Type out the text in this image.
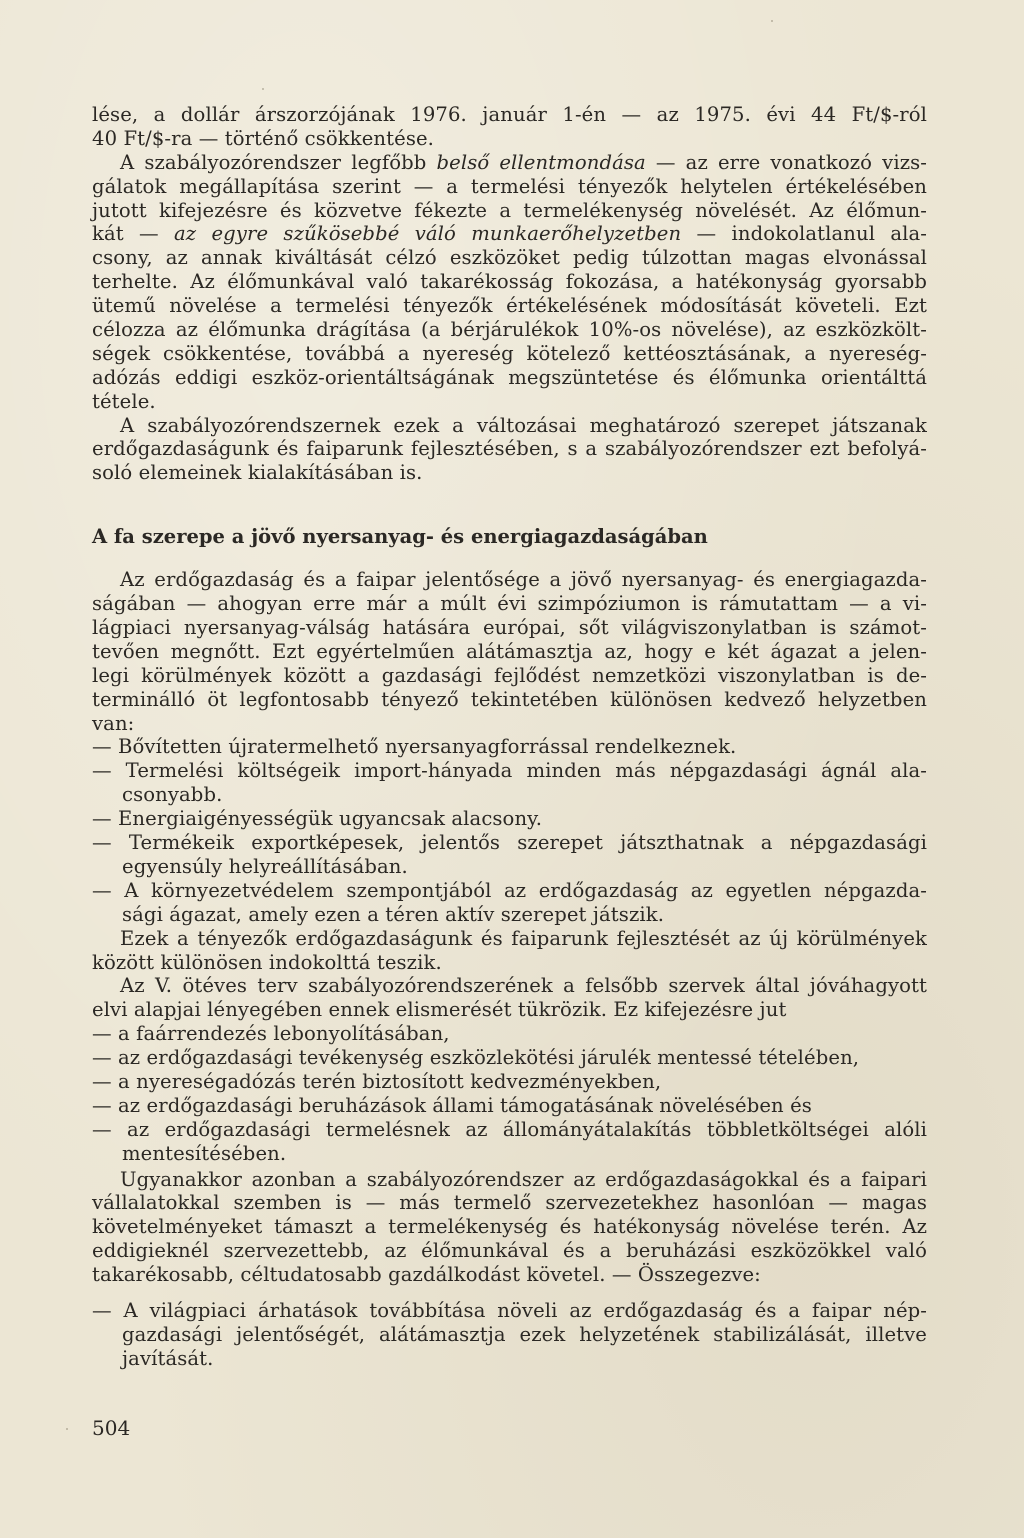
lése, a dollár árszorzójának 1976. január 1-én — az 1975. évi 44 Ft/$-ról
40 Ft/$-ra — történő csökkentése.
A szabályozórendszer legfőbb belső ellentmondása — az erre vonatkozó vizs-
gálatok megállapítása szerint — a termelési tényezők helytelen értékelésében
jutott kifejezésre és közvetve fékezte a termelékenység növelését. Az élőmun-
kát — az egyre szűkösebbé váló munkaerőhelyzetben — indokolatlanul ala-
csony, az annak kiváltását célzó eszközöket pedig túlzottan magas elvonással
terhelte. Az élőmunkával való takarékosság fokozása, a hatékonyság gyorsabb
ütemű növelése a termelési tényezők értékelésének módosítását követeli. Ezt
célozza az élőmunka drágítása (a bérjárulékok 10%-os növelése), az eszközkölt-
ségek csökkentése, továbbá a nyereség kötelező kettéosztásának, a nyereség-
adózás eddigi eszköz-orientáltságának megszüntetése és élőmunka orientálttá
tétele.
A szabályozórendszernek ezek a változásai meghatározó szerepet játszanak
erdőgazdaságunk és faiparunk fejlesztésében, s a szabályozórendszer ezt befolyá-
soló elemeinek kialakításában is.
A fa szerepe a jövő nyersanyag- és energiagazdaságában
Az erdőgazdaság és a faipar jelentősége a jövő nyersanyag- és energiagazda-
ságában — ahogyan erre már a múlt évi szimpóziumon is rámutattam — a vi-
lágpiaci nyersanyag-válság hatására európai, sőt világviszonylatban is számot-
tevően megnőtt. Ezt egyértelműen alátámasztja az, hogy e két ágazat a jelen-
legi körülmények között a gazdasági fejlődést nemzetközi viszonylatban is de-
terminálló öt legfontosabb tényező tekintetében különösen kedvező helyzetben
van:
— Bővítetten újratermelhető nyersanyagforrással rendelkeznek.
— Termelési költségeik import-hányada minden más népgazdasági ágnál ala-
csonyabb.
— Energiaigényességük ugyancsak alacsony.
— Termékeik exportképesek, jelentős szerepet játszthatnak a népgazdasági
egyensúly helyreállításában.
— A környezetvédelem szempontjából az erdőgazdaság az egyetlen népgazda-
sági ágazat, amely ezen a téren aktív szerepet játszik.
Ezek a tényezők erdőgazdaságunk és faiparunk fejlesztését az új körülmények
között különösen indokolttá teszik.
Az V. ötéves terv szabályozórendszerének a felsőbb szervek által jóváhagyott
elvi alapjai lényegében ennek elismerését tükrözik. Ez kifejezésre jut
— a faárrendezés lebonyolításában,
— az erdőgazdasági tevékenység eszközlekötési járulék mentessé tételében,
— a nyereségadózás terén biztosított kedvezményekben,
— az erdőgazdasági beruházások állami támogatásának növelésében és
— az erdőgazdasági termelésnek az állományátalakítás többletköltségei alóli
mentesítésében.
Ugyanakkor azonban a szabályozórendszer az erdőgazdaságokkal és a faipari
vállalatokkal szemben is — más termelő szervezetekhez hasonlóan — magas
követelményeket támaszt a termelékenység és hatékonyság növelése terén. Az
eddigieknél szervezettebb, az élőmunkával és a beruházási eszközökkel való
takarékosabb, céltudatosabb gazdálkodást követel. — Összegezve:
— A világpiaci árhatások továbbítása növeli az erdőgazdaság és a faipar nép-
gazdasági jelentőségét, alátámasztja ezek helyzetének stabilizálását, illetve
javítását.
504
